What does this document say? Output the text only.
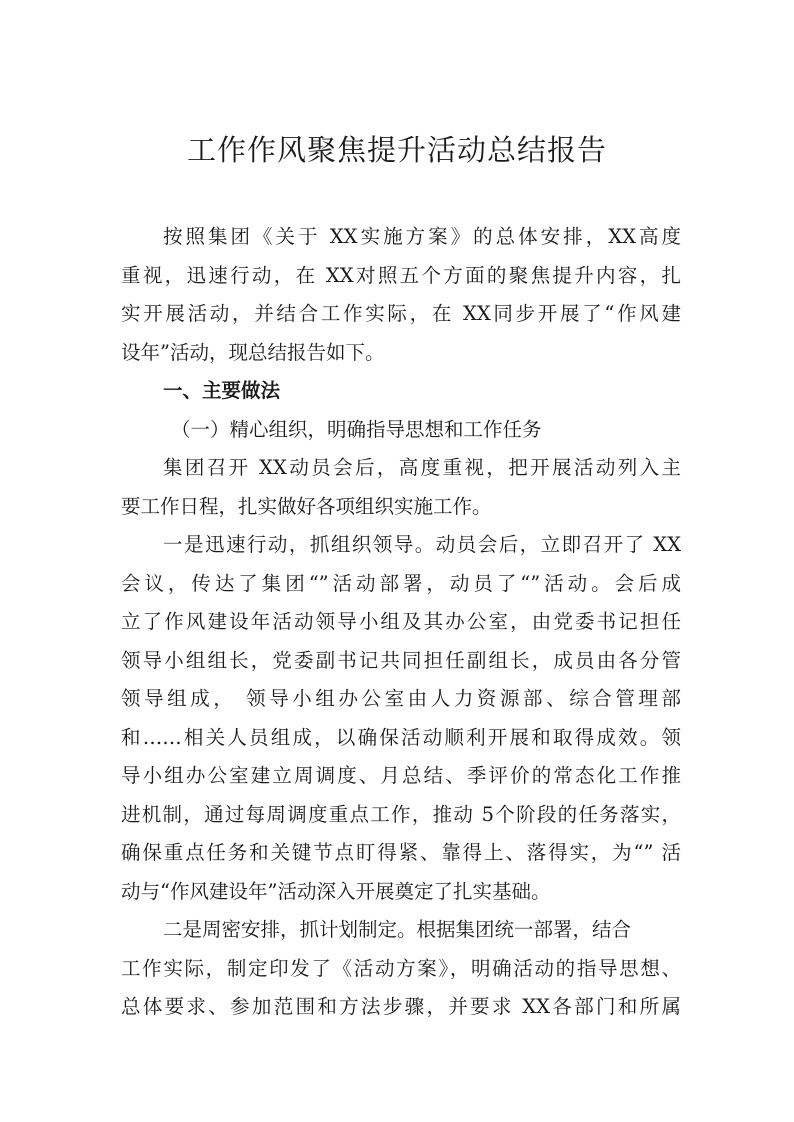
工作作风聚焦提升活动总结报告
按照集团《关于 XX实施方案》的总体安排，XX高度
重视，迅速行动，在 XX对照五个方面的聚焦提升内容，扎
实开展活动，并结合工作实际，在 XX同步开展了“作风建
设年”活动，现总结报告如下。
一、主要做法
（一）精心组织，明确指导思想和工作任务
集团召开 XX动员会后，高度重视，把开展活动列入主
要工作日程，扎实做好各项组织实施工作。
一是迅速行动，抓组织领导。动员会后，立即召开了 XX
会议，传达了集团“”活动部署，动员了“”活动。会后成
立了作风建设年活动领导小组及其办公室，由党委书记担任
领导小组组长，党委副书记共同担任副组长，成员由各分管
领导组成， 领导小组办公室由人力资源部、综合管理部
和……相关人员组成，以确保活动顺利开展和取得成效。领
导小组办公室建立周调度、月总结、季评价的常态化工作推
进机制，通过每周调度重点工作，推动 5个阶段的任务落实，
确保重点任务和关键节点盯得紧、靠得上、落得实，为“” 活
动与“作风建设年”活动深入开展奠定了扎实基础。
二是周密安排，抓计划制定。根据集团统一部署，结合
工作实际，制定印发了《活动方案》，明确活动的指导思想、
总体要求、参加范围和方法步骤，并要求 XX各部门和所属
